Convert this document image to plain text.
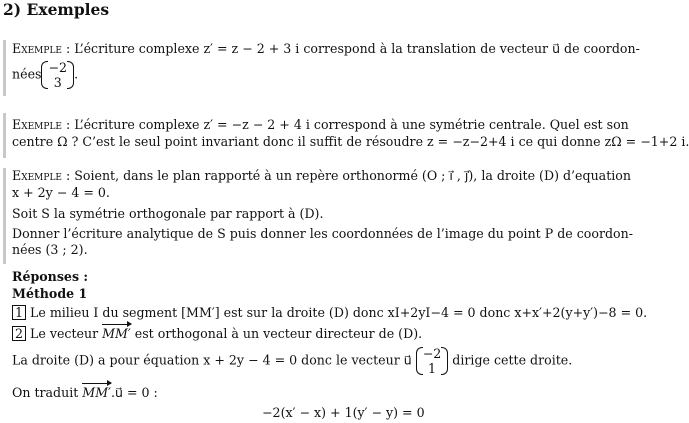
2) Exemples
Exemple : L’écriture complexe z′ = z − 2 + 3 i correspond à la translation de vecteur u⃗ de coordon-
nées −2
3
.
Exemple : L’écriture complexe z′ = −z − 2 + 4 i correspond à une symétrie centrale. Quel est son
centre Ω ? C’est le seul point invariant donc il suffit de résoudre z = −z−2+4 i ce qui donne zΩ = −1+2 i.
Exemple : Soient, dans le plan rapporté à un repère orthonormé (O ; i⃗ , j⃗), la droite (D) d’equation
x + 2y − 4 = 0.
Soit S la symétrie orthogonale par rapport à (D).
Donner l’écriture analytique de S puis donner les coordonnées de l’image du point P de coordon-
nées (3 ; 2).
Réponses :
Méthode 1
1 Le milieu I du segment [MM′] est sur la droite (D) donc xI+2yI−4 = 0 donc x+x′+2(y+y′)−8 = 0.
2 Le vecteur MM′ est orthogonal à un vecteur directeur de (D).
La droite (D) a pour équation x + 2y − 4 = 0 donc le vecteur u⃗ −2
1
dirige cette droite.
On traduit MM′.u⃗ = 0 :
−2(x′ − x) + 1(y′ − y) = 0
